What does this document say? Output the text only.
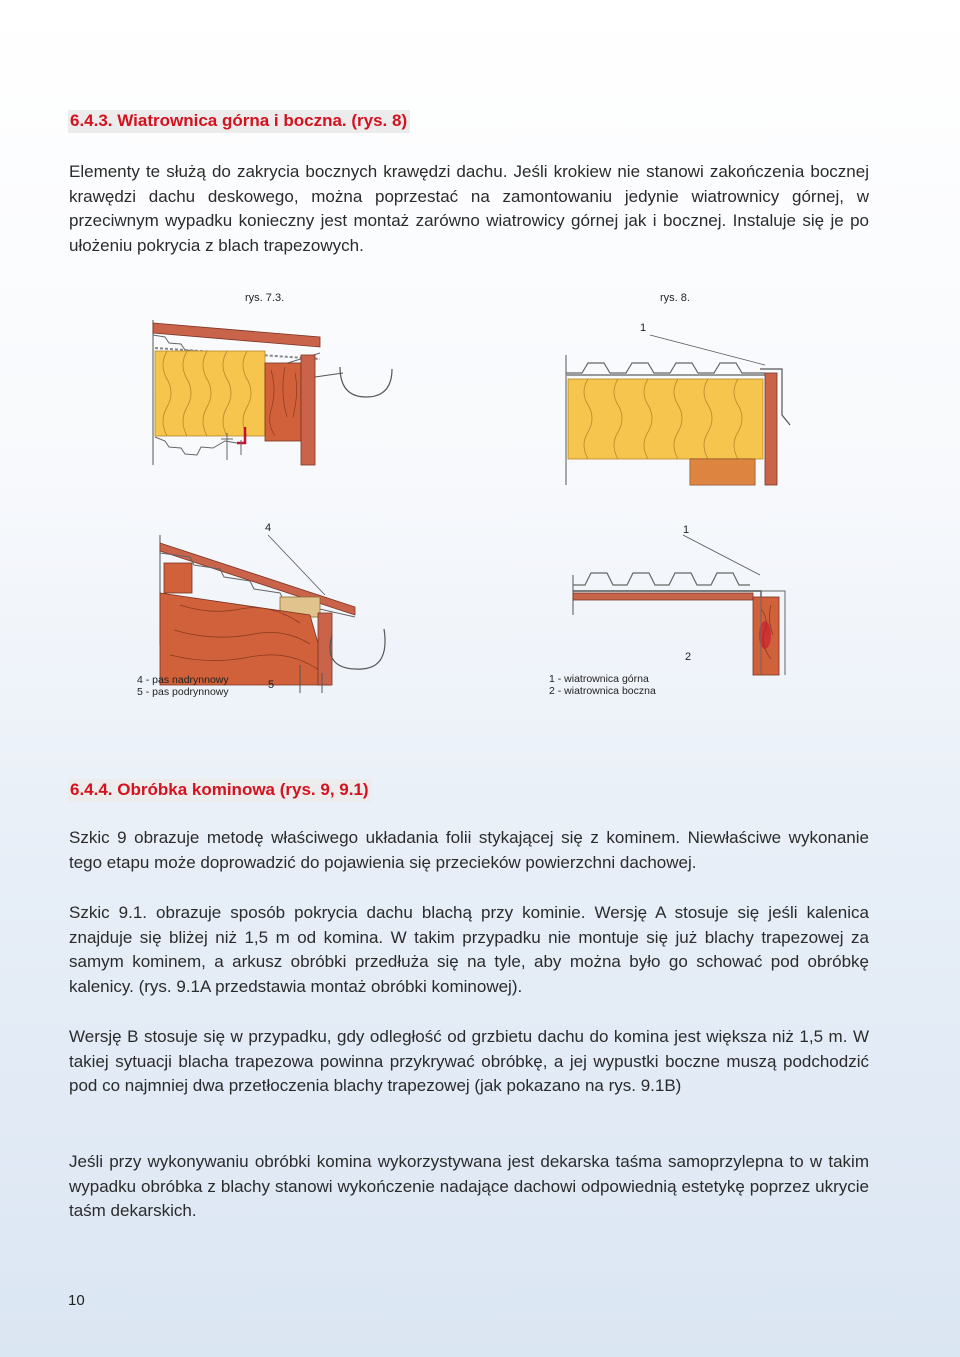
6.4.3. Wiatrownica górna i boczna. (rys. 8)

Elementy te służą do zakrycia bocznych krawędzi dachu. Jeśli krokiew nie stanowi zakończenia bocznej krawędzi dachu deskowego, można poprzestać na zamontowaniu jedynie wiatrownicy górnej, w przeciwnym wypadku konieczny jest montaż zarówno wiatrowicy górnej jak i bocznej. Instaluje się je po ułożeniu pokrycia z blach trapezowych.

rys. 7.3.	rys. 8.
1
4
5
1
2
4 - pas nadrynnowy
5 - pas podrynnowy
1 - wiatrownica górna
2 - wiatrownica boczna
6.4.4. Obróbka kominowa (rys. 9, 9.1)

Szkic 9 obrazuje metodę właściwego układania folii stykającej się z kominem. Niewłaściwe wykonanie tego etapu może doprowadzić do pojawienia się przecieków powierzchni dachowej.

Szkic 9.1. obrazuje sposób pokrycia dachu blachą przy kominie. Wersję A stosuje się jeśli kalenica znajduje się bliżej niż 1,5 m od komina. W takim przypadku nie montuje się już blachy trapezowej za samym kominem, a arkusz obróbki przedłuża się na tyle, aby można było go schować pod obróbkę kalenicy. (rys. 9.1A przedstawia montaż obróbki kominowej).

Wersję B stosuje się w przypadku, gdy odległość od grzbietu dachu do komina jest większa niż 1,5 m. W takiej sytuacji blacha trapezowa powinna przykrywać obróbkę, a jej wypustki boczne muszą podchodzić pod co najmniej dwa przetłoczenia blachy trapezowej (jak pokazano na rys. 9.1B)

Jeśli przy wykonywaniu obróbki komina wykorzystywana jest dekarska taśma samoprzylepna to w takim wypadku obróbka z blachy stanowi wykończenie nadające dachowi odpowiednią estetykę poprzez ukrycie taśm dekarskich.

10
